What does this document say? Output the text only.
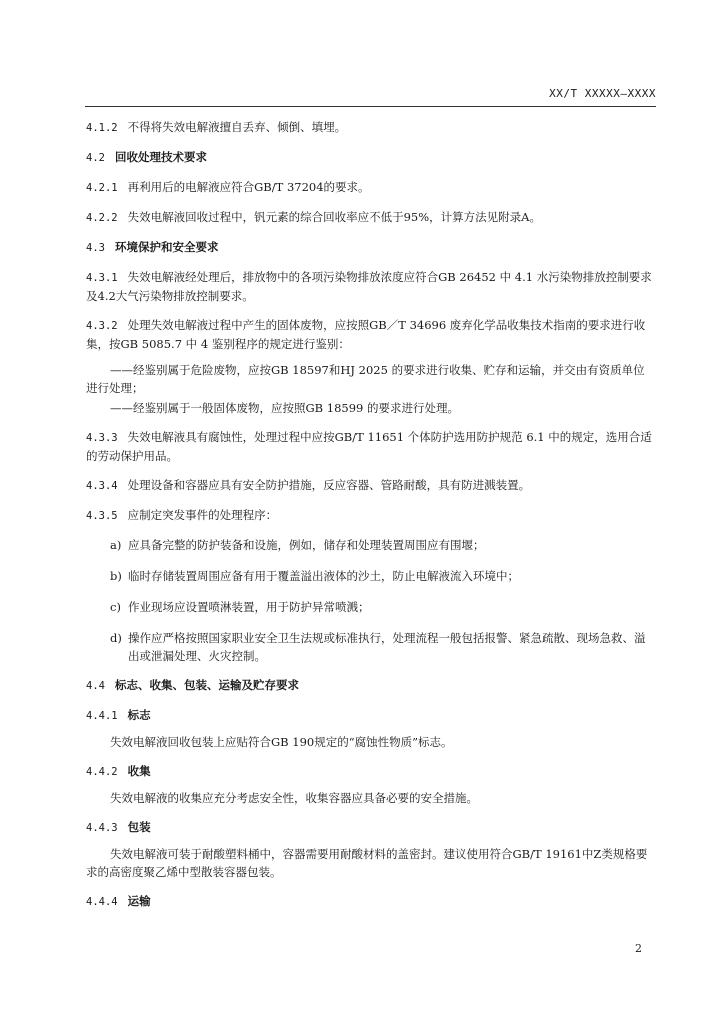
XX/T XXXXX—XXXX

4.1.2 不得将失效电解液擅自丢弃、倾倒、填埋。

4.2 回收处理技术要求

4.2.1 再利用后的电解液应符合GB/T 37204的要求。

4.2.2 失效电解液回收过程中，钒元素的综合回收率应不低于95%，计算方法见附录A。

4.3 环境保护和安全要求

4.3.1 失效电解液经处理后，排放物中的各项污染物排放浓度应符合GB 26452 中 4.1 水污染物排放控制要求及4.2大气污染物排放控制要求。

4.3.2 处理失效电解液过程中产生的固体废物，应按照GB／T 34696 废弃化学品收集技术指南的要求进行收集，按GB 5085.7 中 4 鉴别程序的规定进行鉴别：

——经鉴别属于危险废物，应按GB 18597和HJ 2025 的要求进行收集、贮存和运输，并交由有资质单位进行处理；

——经鉴别属于一般固体废物，应按照GB 18599 的要求进行处理。

4.3.3 失效电解液具有腐蚀性，处理过程中应按GB/T 11651 个体防护选用防护规范 6.1 中的规定，选用合适的劳动保护用品。

4.3.4 处理设备和容器应具有安全防护措施，反应容器、管路耐酸，具有防进溅装置。

4.3.5 应制定突发事件的处理程序：

a) 应具备完整的防护装备和设施，例如，储存和处理装置周围应有围堰；
b) 临时存储装置周围应备有用于覆盖溢出液体的沙土，防止电解液流入环境中；
c) 作业现场应设置喷淋装置，用于防护异常喷溅；
d) 操作应严格按照国家职业安全卫生法规或标准执行，处理流程一般包括报警、紧急疏散、现场急救、溢出或泄漏处理、火灾控制。

4.4 标志、收集、包装、运输及贮存要求

4.4.1 标志

失效电解液回收包装上应贴符合GB 190规定的“腐蚀性物质”标志。

4.4.2 收集

失效电解液的收集应充分考虑安全性，收集容器应具备必要的安全措施。

4.4.3 包装

失效电解液可装于耐酸塑料桶中，容器需要用耐酸材料的盖密封。建议使用符合GB/T 19161中Z类规格要求的高密度聚乙烯中型散装容器包装。

4.4.4 运输

2
